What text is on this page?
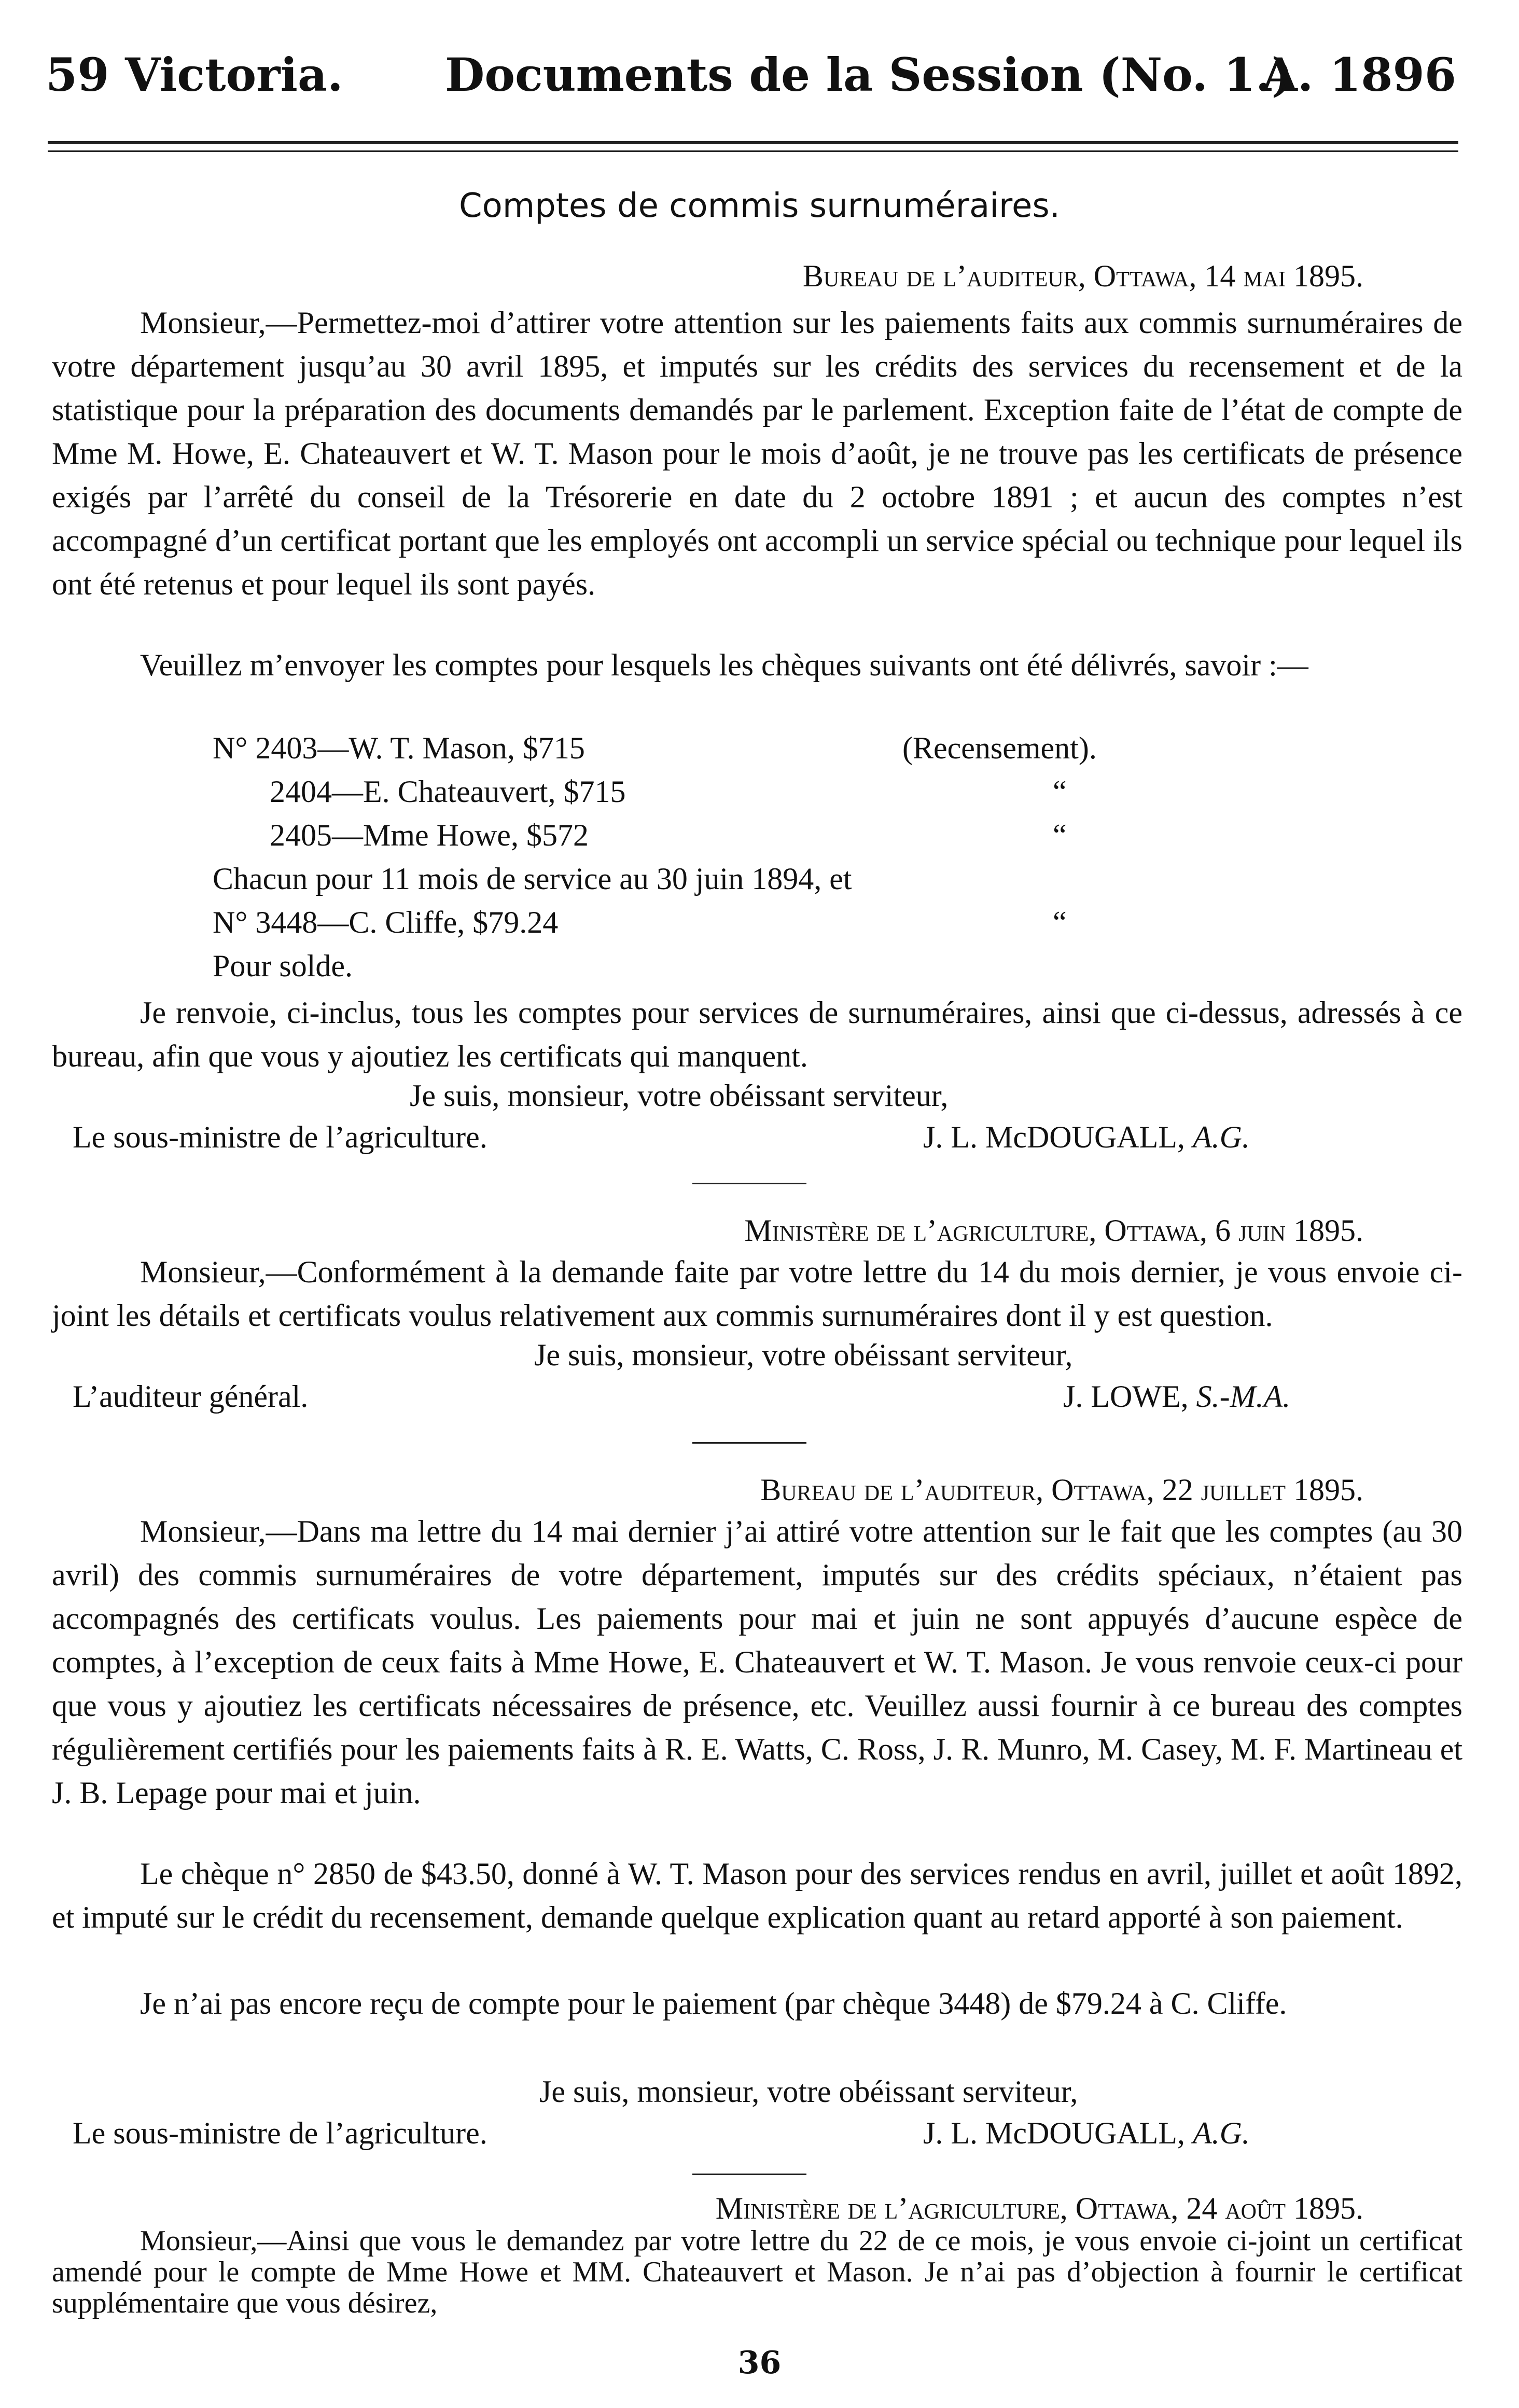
59 Victoria. Documents de la Session (No. 1.)
A. 1896
Comptes de commis surnuméraires.
Bureau de l’auditeur, Ottawa, 14 mai 1895.
Monsieur,—Permettez-moi d’attirer votre attention sur les paiements faits aux commis surnuméraires de votre département jusqu’au 30 avril 1895, et imputés sur les crédits des services du recensement et de la statistique pour la préparation des documents demandés par le parlement. Exception faite de l’état de compte de Mme M. Howe, E. Chateauvert et W. T. Mason pour le mois d’août, je ne trouve pas les certificats de présence exigés par l’arrêté du conseil de la Trésorerie en date du 2 octobre 1891 ; et aucun des comptes n’est accompagné d’un certificat portant que les employés ont accompli un service spécial ou technique pour lequel ils ont été retenus et pour lequel ils sont payés.
Veuillez m’envoyer les comptes pour lesquels les chèques suivants ont été délivrés, savoir :—
N° 2403—W. T. Mason, $715	(Recensement).
2404—E. Chateauvert, $715	“
2405—Mme Howe, $572	“
Chacun pour 11 mois de service au 30 juin 1894, et
N° 3448—C. Cliffe, $79.24	“
Pour solde.
Je renvoie, ci-inclus, tous les comptes pour services de surnuméraires, ainsi que ci-dessus, adressés à ce bureau, afin que vous y ajoutiez les certificats qui manquent.
Je suis, monsieur, votre obéissant serviteur,
Le sous-ministre de l’agriculture.	J. L. McDOUGALL, A.G.
Ministère de l’agriculture, Ottawa, 6 juin 1895.
Monsieur,—Conformément à la demande faite par votre lettre du 14 du mois dernier, je vous envoie ci-joint les détails et certificats voulus relativement aux commis surnuméraires dont il y est question.
Je suis, monsieur, votre obéissant serviteur,
L’auditeur général.	J. LOWE, S.-M.A.
Bureau de l’auditeur, Ottawa, 22 juillet 1895.
Monsieur,—Dans ma lettre du 14 mai dernier j’ai attiré votre attention sur le fait que les comptes (au 30 avril) des commis surnuméraires de votre département, imputés sur des crédits spéciaux, n’étaient pas accompagnés des certificats voulus. Les paiements pour mai et juin ne sont appuyés d’aucune espèce de comptes, à l’exception de ceux faits à Mme Howe, E. Chateauvert et W. T. Mason. Je vous renvoie ceux-ci pour que vous y ajoutiez les certificats nécessaires de présence, etc. Veuillez aussi fournir à ce bureau des comptes régulièrement certifiés pour les paiements faits à R. E. Watts, C. Ross, J. R. Munro, M. Casey, M. F. Martineau et J. B. Lepage pour mai et juin.
Le chèque n° 2850 de $43.50, donné à W. T. Mason pour des services rendus en avril, juillet et août 1892, et imputé sur le crédit du recensement, demande quelque explication quant au retard apporté à son paiement.
Je n’ai pas encore reçu de compte pour le paiement (par chèque 3448) de $79.24 à C. Cliffe.
Je suis, monsieur, votre obéissant serviteur,
Le sous-ministre de l’agriculture.	J. L. McDOUGALL, A.G.
Ministère de l’agriculture, Ottawa, 24 août 1895.
Monsieur,—Ainsi que vous le demandez par votre lettre du 22 de ce mois, je vous envoie ci-joint un certificat amendé pour le compte de Mme Howe et MM. Chateauvert et Mason. Je n’ai pas d’objection à fournir le certificat supplémentaire que vous désirez,
36
